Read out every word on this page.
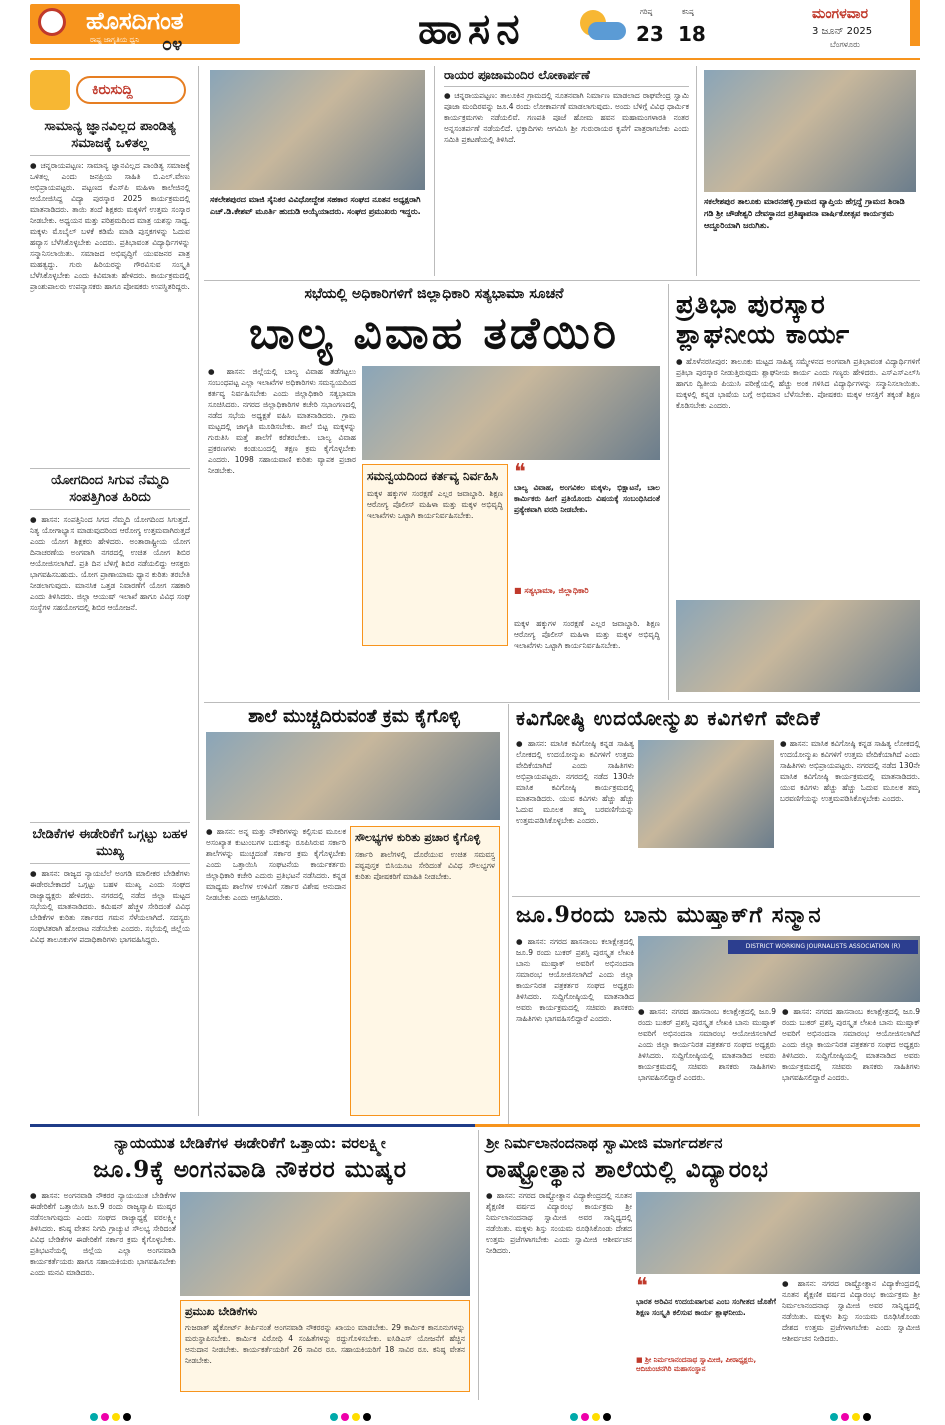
ಹೊಸದಿಗಂತ
ರಾಷ್ಟ್ರ ಜಾಗೃತಿಯ ಧ್ವನಿ ೦೪	ಹಾಸನ	ಗರಿಷ್ಠ
23
ಕನಿಷ್ಠ
18
ಮಂಗಳವಾರ
3 ಜೂನ್ 2025
ಬೆಂಗಳೂರು
ಕಿರುಸುದ್ದಿ
ಸಾಮಾನ್ಯ ಜ್ಞಾನವಿಲ್ಲದ ಪಾಂಡಿತ್ಯ ಸಮಾಜಕ್ಕೆ ಒಳಿತಲ್ಲ
● ಚನ್ನರಾಯಪಟ್ಟಣ: ಸಾಮಾನ್ಯ ಜ್ಞಾನವಿಲ್ಲದ ಪಾಂಡಿತ್ಯ ಸಮಾಜಕ್ಕೆ ಒಳಿತಲ್ಲ ಎಂದು ಜನಪ್ರಿಯ ಸಾಹಿತಿ ಬಿ.ಎಲ್.ವೇಣು ಅಭಿಪ್ರಾಯಪಟ್ಟರು. ಪಟ್ಟಣದ ಕೆಎಸ್‌ಪಿ ಮಹಿಳಾ ಕಾಲೇಜಿನಲ್ಲಿ ಆಯೋಜಿಸಿದ್ದ ವಿದ್ಯಾ ಪುರಸ್ಕಾರ 2025 ಕಾರ್ಯಕ್ರಮದಲ್ಲಿ ಮಾತನಾಡಿದರು. ತಾಯಿ ತಂದೆ ಶಿಕ್ಷಕರು ಮಕ್ಕಳಿಗೆ ಉತ್ತಮ ಸಂಸ್ಕಾರ ನೀಡಬೇಕು. ಅಧ್ಯಯನ ಮತ್ತು ಪರಿಶ್ರಮದಿಂದ ಮಾತ್ರ ಯಶಸ್ಸು ಸಾಧ್ಯ. ಮಕ್ಕಳು ಮೊಬೈಲ್ ಬಳಕೆ ಕಡಿಮೆ ಮಾಡಿ ಪುಸ್ತಕಗಳನ್ನು ಓದುವ ಹವ್ಯಾಸ ಬೆಳೆಸಿಕೊಳ್ಳಬೇಕು ಎಂದರು. ಪ್ರತಿಭಾವಂತ ವಿದ್ಯಾರ್ಥಿಗಳನ್ನು ಸನ್ಮಾನಿಸಲಾಯಿತು. ಸಮಾಜದ ಅಭಿವೃದ್ಧಿಗೆ ಯುವಜನರ ಪಾತ್ರ ಮಹತ್ವದ್ದು. ಗುರು ಹಿರಿಯರನ್ನು ಗೌರವಿಸುವ ಸಂಸ್ಕೃತಿ ಬೆಳೆಸಿಕೊಳ್ಳಬೇಕು ಎಂದು ಕಿವಿಮಾತು ಹೇಳಿದರು. ಕಾರ್ಯಕ್ರಮದಲ್ಲಿ ಪ್ರಾಂಶುಪಾಲರು ಉಪನ್ಯಾಸಕರು ಹಾಗೂ ಪೋಷಕರು ಉಪಸ್ಥಿತರಿದ್ದರು.
ಯೋಗದಿಂದ ಸಿಗುವ ನೆಮ್ಮದಿ ಸಂಪತ್ತಿಗಿಂತ ಹಿರಿದು
● ಹಾಸನ: ಸಂಪತ್ತಿನಿಂದ ಸಿಗದ ನೆಮ್ಮದಿ ಯೋಗದಿಂದ ಸಿಗುತ್ತದೆ. ನಿತ್ಯ ಯೋಗಾಭ್ಯಾಸ ಮಾಡುವುದರಿಂದ ಆರೋಗ್ಯ ಉತ್ತಮವಾಗಿರುತ್ತದೆ ಎಂದು ಯೋಗ ಶಿಕ್ಷಕರು ಹೇಳಿದರು. ಅಂತಾರಾಷ್ಟ್ರೀಯ ಯೋಗ ದಿನಾಚರಣೆಯ ಅಂಗವಾಗಿ ನಗರದಲ್ಲಿ ಉಚಿತ ಯೋಗ ಶಿಬಿರ ಆಯೋಜಿಸಲಾಗಿದೆ. ಪ್ರತಿ ದಿನ ಬೆಳಿಗ್ಗೆ ಶಿಬಿರ ನಡೆಯಲಿದ್ದು ಆಸಕ್ತರು ಭಾಗವಹಿಸಬಹುದು. ಯೋಗ ಪ್ರಾಣಾಯಾಮ ಧ್ಯಾನ ಕುರಿತು ತರಬೇತಿ ನೀಡಲಾಗುವುದು. ಮಾನಸಿಕ ಒತ್ತಡ ನಿವಾರಣೆಗೆ ಯೋಗ ಸಹಕಾರಿ ಎಂದು ತಿಳಿಸಿದರು. ಜಿಲ್ಲಾ ಆಯುಷ್ ಇಲಾಖೆ ಹಾಗೂ ವಿವಿಧ ಸಂಘ ಸಂಸ್ಥೆಗಳ ಸಹಯೋಗದಲ್ಲಿ ಶಿಬಿರ ಆಯೋಜನೆ.
ಬೇಡಿಕೆಗಳ ಈಡೇರಿಕೆಗೆ ಒಗ್ಗಟ್ಟು ಬಹಳ ಮುಖ್ಯ
● ಹಾಸನ: ರಾಜ್ಯದ ನ್ಯಾಯಬೆಲೆ ಅಂಗಡಿ ಮಾಲೀಕರ ಬೇಡಿಕೆಗಳು ಈಡೇರಬೇಕಾದರೆ ಒಗ್ಗಟ್ಟು ಬಹಳ ಮುಖ್ಯ ಎಂದು ಸಂಘದ ರಾಜ್ಯಾಧ್ಯಕ್ಷರು ಹೇಳಿದರು. ನಗರದಲ್ಲಿ ನಡೆದ ಜಿಲ್ಲಾ ಮಟ್ಟದ ಸಭೆಯಲ್ಲಿ ಮಾತನಾಡಿದರು. ಕಮಿಷನ್ ಹೆಚ್ಚಳ ಸೇರಿದಂತೆ ವಿವಿಧ ಬೇಡಿಕೆಗಳ ಕುರಿತು ಸರ್ಕಾರದ ಗಮನ ಸೆಳೆಯಲಾಗಿದೆ. ಸದಸ್ಯರು ಸಂಘಟಿತರಾಗಿ ಹೋರಾಟ ನಡೆಸಬೇಕು ಎಂದರು. ಸಭೆಯಲ್ಲಿ ಜಿಲ್ಲೆಯ ವಿವಿಧ ತಾಲೂಕುಗಳ ಪದಾಧಿಕಾರಿಗಳು ಭಾಗವಹಿಸಿದ್ದರು.
ಸಕಲೇಶಪುರದ ಮಾಜಿ ಸೈನಿಕರ ವಿವಿಧೋದ್ದೇಶ ಸಹಕಾರ ಸಂಘದ ನೂತನ ಅಧ್ಯಕ್ಷರಾಗಿ ಎಚ್.ಡಿ.ಕೇಶವ್ ಮೂರ್ತಿ ಹುದುಡಿ ಆಯ್ಕೆಯಾದರು. ಸಂಘದ ಪ್ರಮುಖರು ಇದ್ದರು.
ರಾಯರ ಪೂಜಾಮಂದಿರ ಲೋಕಾರ್ಪಣೆ
● ಚನ್ನರಾಯಪಟ್ಟಣ: ತಾಲೂಕಿನ ಗ್ರಾಮದಲ್ಲಿ ನೂತನವಾಗಿ ನಿರ್ಮಾಣ ಮಾಡಲಾದ ರಾಘವೇಂದ್ರ ಸ್ವಾಮಿ ಪೂಜಾ ಮಂದಿರವನ್ನು ಜೂ.4 ರಂದು ಲೋಕಾರ್ಪಣೆ ಮಾಡಲಾಗುವುದು. ಅಂದು ಬೆಳಿಗ್ಗೆ ವಿವಿಧ ಧಾರ್ಮಿಕ ಕಾರ್ಯಕ್ರಮಗಳು ನಡೆಯಲಿವೆ. ಗಣಪತಿ ಪೂಜೆ ಹೋಮ ಹವನ ಮಹಾಮಂಗಳಾರತಿ ನಂತರ ಅನ್ನಸಂತರ್ಪಣೆ ನಡೆಯಲಿದೆ. ಭಕ್ತಾದಿಗಳು ಆಗಮಿಸಿ ಶ್ರೀ ಗುರುರಾಯರ ಕೃಪೆಗೆ ಪಾತ್ರರಾಗಬೇಕು ಎಂದು ಸಮಿತಿ ಪ್ರಕಟಣೆಯಲ್ಲಿ ತಿಳಿಸಿದೆ.
ಸಕಲೇಶಪುರ ತಾಲೂಕು ಮಾರನಹಳ್ಳಿ ಗ್ರಾಮದ ವ್ಯಾಪ್ತಿಯ ಹೆಗ್ಗದ್ದೆ ಗ್ರಾಮದ ಶಿರಾಡಿ ಗಡಿ ಶ್ರೀ ಚೌಡೇಶ್ವರಿ ದೇವಸ್ಥಾನದ ಪ್ರತಿಷ್ಠಾಪನಾ ವಾರ್ಷಿಕೋತ್ಸವ ಕಾರ್ಯಕ್ರಮ ಆದ್ದೂರಿಯಾಗಿ ಜರುಗಿತು.
ಸಭೆಯಲ್ಲಿ ಅಧಿಕಾರಿಗಳಿಗೆ ಜಿಲ್ಲಾಧಿಕಾರಿ ಸತ್ಯಭಾಮಾ ಸೂಚನೆ
ಬಾಲ್ಯ ವಿವಾಹ ತಡೆಯಿರಿ
● ಹಾಸನ: ಜಿಲ್ಲೆಯಲ್ಲಿ ಬಾಲ್ಯ ವಿವಾಹ ತಡೆಗಟ್ಟಲು ಸಂಬಂಧಪಟ್ಟ ಎಲ್ಲಾ ಇಲಾಖೆಗಳ ಅಧಿಕಾರಿಗಳು ಸಮನ್ವಯದಿಂದ ಕರ್ತವ್ಯ ನಿರ್ವಹಿಸಬೇಕು ಎಂದು ಜಿಲ್ಲಾಧಿಕಾರಿ ಸತ್ಯಭಾಮಾ ಸೂಚಿಸಿದರು. ನಗರದ ಜಿಲ್ಲಾಧಿಕಾರಿಗಳ ಕಚೇರಿ ಸಭಾಂಗಣದಲ್ಲಿ ನಡೆದ ಸಭೆಯ ಅಧ್ಯಕ್ಷತೆ ವಹಿಸಿ ಮಾತನಾಡಿದರು. ಗ್ರಾಮ ಮಟ್ಟದಲ್ಲಿ ಜಾಗೃತಿ ಮೂಡಿಸಬೇಕು. ಶಾಲೆ ಬಿಟ್ಟ ಮಕ್ಕಳನ್ನು ಗುರುತಿಸಿ ಮತ್ತೆ ಶಾಲೆಗೆ ಕರೆತರಬೇಕು. ಬಾಲ್ಯ ವಿವಾಹ ಪ್ರಕರಣಗಳು ಕಂಡುಬಂದಲ್ಲಿ ತಕ್ಷಣ ಕ್ರಮ ಕೈಗೊಳ್ಳಬೇಕು ಎಂದರು. 1098 ಸಹಾಯವಾಣಿ ಕುರಿತು ವ್ಯಾಪಕ ಪ್ರಚಾರ ನೀಡಬೇಕು.	ಸಮನ್ವಯದಿಂದ ಕರ್ತವ್ಯ ನಿರ್ವಹಿಸಿ
ಮಕ್ಕಳ ಹಕ್ಕುಗಳ ಸಂರಕ್ಷಣೆ ಎಲ್ಲರ ಜವಾಬ್ದಾರಿ. ಶಿಕ್ಷಣ ಆರೋಗ್ಯ ಪೊಲೀಸ್ ಮಹಿಳಾ ಮತ್ತು ಮಕ್ಕಳ ಅಭಿವೃದ್ಧಿ ಇಲಾಖೆಗಳು ಒಟ್ಟಾಗಿ ಕಾರ್ಯನಿರ್ವಹಿಸಬೇಕು.
❝
ಬಾಲ್ಯ ವಿವಾಹ, ಅಂಗವಿಕಲ ಮಕ್ಕಳು, ಭಿಕ್ಷಾಟನೆ, ಬಾಲ ಕಾರ್ಮಿಕರು ಹೀಗೆ ಪ್ರತಿಯೊಂದು ವಿಷಯಕ್ಕೆ ಸಂಬಂಧಿಸಿದಂತೆ ಪ್ರತ್ಯೇಕವಾಗಿ ವರದಿ ನೀಡಬೇಕು.
■ ಸತ್ಯಭಾಮಾ, ಜಿಲ್ಲಾಧಿಕಾರಿ
ಮಕ್ಕಳ ಹಕ್ಕುಗಳ ಸಂರಕ್ಷಣೆ ಎಲ್ಲರ ಜವಾಬ್ದಾರಿ. ಶಿಕ್ಷಣ ಆರೋಗ್ಯ ಪೊಲೀಸ್ ಮಹಿಳಾ ಮತ್ತು ಮಕ್ಕಳ ಅಭಿವೃದ್ಧಿ ಇಲಾಖೆಗಳು ಒಟ್ಟಾಗಿ ಕಾರ್ಯನಿರ್ವಹಿಸಬೇಕು.
ಪ್ರತಿಭಾ ಪುರಸ್ಕಾರ ಶ್ಲಾಘನೀಯ ಕಾರ್ಯ
● ಹೊಳೆನರಸೀಪುರ: ತಾಲೂಕು ಮಟ್ಟದ ಸಾಹಿತ್ಯ ಸಮ್ಮೇಳನದ ಅಂಗವಾಗಿ ಪ್ರತಿಭಾವಂತ ವಿದ್ಯಾರ್ಥಿಗಳಿಗೆ ಪ್ರತಿಭಾ ಪುರಸ್ಕಾರ ನೀಡುತ್ತಿರುವುದು ಶ್ಲಾಘನೀಯ ಕಾರ್ಯ ಎಂದು ಗಣ್ಯರು ಹೇಳಿದರು. ಎಸ್‌ಎಸ್‌ಎಲ್‌ಸಿ ಹಾಗೂ ದ್ವಿತೀಯ ಪಿಯುಸಿ ಪರೀಕ್ಷೆಯಲ್ಲಿ ಹೆಚ್ಚು ಅಂಕ ಗಳಿಸಿದ ವಿದ್ಯಾರ್ಥಿಗಳನ್ನು ಸನ್ಮಾನಿಸಲಾಯಿತು. ಮಕ್ಕಳಲ್ಲಿ ಕನ್ನಡ ಭಾಷೆಯ ಬಗ್ಗೆ ಅಭಿಮಾನ ಬೆಳೆಸಬೇಕು. ಪೋಷಕರು ಮಕ್ಕಳ ಆಸಕ್ತಿಗೆ ತಕ್ಕಂತೆ ಶಿಕ್ಷಣ ಕೊಡಿಸಬೇಕು ಎಂದರು.
ಶಾಲೆ ಮುಚ್ಚದಿರುವಂತೆ ಕ್ರಮ ಕೈಗೊಳ್ಳಿ
● ಹಾಸನ: ಅನ್ನ ಮತ್ತು ನೌಕರಿಗಳನ್ನು ಕಲ್ಪಿಸುವ ಮೂಲಕ ಅಸಂಖ್ಯಾತ ಕುಟುಂಬಗಳ ಬದುಕನ್ನು ರೂಪಿಸಿರುವ ಸರ್ಕಾರಿ ಶಾಲೆಗಳನ್ನು ಮುಚ್ಚದಂತೆ ಸರ್ಕಾರ ಕ್ರಮ ಕೈಗೊಳ್ಳಬೇಕು ಎಂದು ಒತ್ತಾಯಿಸಿ ಸಂಘಟನೆಯ ಕಾರ್ಯಕರ್ತರು ಜಿಲ್ಲಾಧಿಕಾರಿ ಕಚೇರಿ ಎದುರು ಪ್ರತಿಭಟನೆ ನಡೆಸಿದರು. ಕನ್ನಡ ಮಾಧ್ಯಮ ಶಾಲೆಗಳ ಉಳಿವಿಗೆ ಸರ್ಕಾರ ವಿಶೇಷ ಅನುದಾನ ನೀಡಬೇಕು ಎಂದು ಆಗ್ರಹಿಸಿದರು.
ಸೌಲಭ್ಯಗಳ ಕುರಿತು ಪ್ರಚಾರ ಕೈಗೊಳ್ಳಿ
ಸರ್ಕಾರಿ ಶಾಲೆಗಳಲ್ಲಿ ದೊರೆಯುವ ಉಚಿತ ಸಮವಸ್ತ್ರ ಪಠ್ಯಪುಸ್ತಕ ಬಿಸಿಯೂಟ ಸೇರಿದಂತೆ ವಿವಿಧ ಸೌಲಭ್ಯಗಳ ಕುರಿತು ಪೋಷಕರಿಗೆ ಮಾಹಿತಿ ನೀಡಬೇಕು.
ಕವಿಗೋಷ್ಠಿ ಉದಯೋನ್ಮುಖ ಕವಿಗಳಿಗೆ ವೇದಿಕೆ
● ಹಾಸನ: ಮಾಸಿಕ ಕವಿಗೋಷ್ಠಿ ಕನ್ನಡ ಸಾಹಿತ್ಯ ಲೋಕದಲ್ಲಿ ಉದಯೋನ್ಮುಖ ಕವಿಗಳಿಗೆ ಉತ್ತಮ ವೇದಿಕೆಯಾಗಿದೆ ಎಂದು ಸಾಹಿತಿಗಳು ಅಭಿಪ್ರಾಯಪಟ್ಟರು. ನಗರದಲ್ಲಿ ನಡೆದ 130ನೇ ಮಾಸಿಕ ಕವಿಗೋಷ್ಠಿ ಕಾರ್ಯಕ್ರಮದಲ್ಲಿ ಮಾತನಾಡಿದರು. ಯುವ ಕವಿಗಳು ಹೆಚ್ಚು ಹೆಚ್ಚು ಓದುವ ಮೂಲಕ ತಮ್ಮ ಬರವಣಿಗೆಯನ್ನು ಉತ್ತಮಪಡಿಸಿಕೊಳ್ಳಬೇಕು ಎಂದರು.
● ಹಾಸನ: ಮಾಸಿಕ ಕವಿಗೋಷ್ಠಿ ಕನ್ನಡ ಸಾಹಿತ್ಯ ಲೋಕದಲ್ಲಿ ಉದಯೋನ್ಮುಖ ಕವಿಗಳಿಗೆ ಉತ್ತಮ ವೇದಿಕೆಯಾಗಿದೆ ಎಂದು ಸಾಹಿತಿಗಳು ಅಭಿಪ್ರಾಯಪಟ್ಟರು. ನಗರದಲ್ಲಿ ನಡೆದ 130ನೇ ಮಾಸಿಕ ಕವಿಗೋಷ್ಠಿ ಕಾರ್ಯಕ್ರಮದಲ್ಲಿ ಮಾತನಾಡಿದರು. ಯುವ ಕವಿಗಳು ಹೆಚ್ಚು ಹೆಚ್ಚು ಓದುವ ಮೂಲಕ ತಮ್ಮ ಬರವಣಿಗೆಯನ್ನು ಉತ್ತಮಪಡಿಸಿಕೊಳ್ಳಬೇಕು ಎಂದರು.
ಜೂ.9ರಂದು ಬಾನು ಮುಷ್ತಾಕ್‌ಗೆ ಸನ್ಮಾನ
● ಹಾಸನ: ನಗರದ ಹಾಸನಾಂಬ ಕಲಾಕ್ಷೇತ್ರದಲ್ಲಿ ಜೂ.9 ರಂದು ಬುಕರ್ ಪ್ರಶಸ್ತಿ ಪುರಸ್ಕೃತ ಲೇಖಕಿ ಬಾನು ಮುಷ್ತಾಕ್ ಅವರಿಗೆ ಅಭಿನಂದನಾ ಸಮಾರಂಭ ಆಯೋಜಿಸಲಾಗಿದೆ ಎಂದು ಜಿಲ್ಲಾ ಕಾರ್ಯನಿರತ ಪತ್ರಕರ್ತರ ಸಂಘದ ಅಧ್ಯಕ್ಷರು ತಿಳಿಸಿದರು. ಸುದ್ದಿಗೋಷ್ಠಿಯಲ್ಲಿ ಮಾತನಾಡಿದ ಅವರು ಕಾರ್ಯಕ್ರಮದಲ್ಲಿ ಸಚಿವರು ಶಾಸಕರು ಸಾಹಿತಿಗಳು ಭಾಗವಹಿಸಲಿದ್ದಾರೆ ಎಂದರು.
DISTRICT WORKING JOURNALISTS ASSOCIATION (R)
● ಹಾಸನ: ನಗರದ ಹಾಸನಾಂಬ ಕಲಾಕ್ಷೇತ್ರದಲ್ಲಿ ಜೂ.9 ರಂದು ಬುಕರ್ ಪ್ರಶಸ್ತಿ ಪುರಸ್ಕೃತ ಲೇಖಕಿ ಬಾನು ಮುಷ್ತಾಕ್ ಅವರಿಗೆ ಅಭಿನಂದನಾ ಸಮಾರಂಭ ಆಯೋಜಿಸಲಾಗಿದೆ ಎಂದು ಜಿಲ್ಲಾ ಕಾರ್ಯನಿರತ ಪತ್ರಕರ್ತರ ಸಂಘದ ಅಧ್ಯಕ್ಷರು ತಿಳಿಸಿದರು. ಸುದ್ದಿಗೋಷ್ಠಿಯಲ್ಲಿ ಮಾತನಾಡಿದ ಅವರು ಕಾರ್ಯಕ್ರಮದಲ್ಲಿ ಸಚಿವರು ಶಾಸಕರು ಸಾಹಿತಿಗಳು ಭಾಗವಹಿಸಲಿದ್ದಾರೆ ಎಂದರು.
● ಹಾಸನ: ನಗರದ ಹಾಸನಾಂಬ ಕಲಾಕ್ಷೇತ್ರದಲ್ಲಿ ಜೂ.9 ರಂದು ಬುಕರ್ ಪ್ರಶಸ್ತಿ ಪುರಸ್ಕೃತ ಲೇಖಕಿ ಬಾನು ಮುಷ್ತಾಕ್ ಅವರಿಗೆ ಅಭಿನಂದನಾ ಸಮಾರಂಭ ಆಯೋಜಿಸಲಾಗಿದೆ ಎಂದು ಜಿಲ್ಲಾ ಕಾರ್ಯನಿರತ ಪತ್ರಕರ್ತರ ಸಂಘದ ಅಧ್ಯಕ್ಷರು ತಿಳಿಸಿದರು. ಸುದ್ದಿಗೋಷ್ಠಿಯಲ್ಲಿ ಮಾತನಾಡಿದ ಅವರು ಕಾರ್ಯಕ್ರಮದಲ್ಲಿ ಸಚಿವರು ಶಾಸಕರು ಸಾಹಿತಿಗಳು ಭಾಗವಹಿಸಲಿದ್ದಾರೆ ಎಂದರು.
ನ್ಯಾಯಯುತ ಬೇಡಿಕೆಗಳ ಈಡೇರಿಕೆಗೆ ಒತ್ತಾಯ: ವರಲಕ್ಷ್ಮೀ
ಜೂ.9ಕ್ಕೆ ಅಂಗನವಾಡಿ ನೌಕರರ ಮುಷ್ಕರ
● ಹಾಸನ: ಅಂಗನವಾಡಿ ನೌಕರರ ನ್ಯಾಯಯುತ ಬೇಡಿಕೆಗಳ ಈಡೇರಿಕೆಗೆ ಒತ್ತಾಯಿಸಿ ಜೂ.9 ರಂದು ರಾಜ್ಯವ್ಯಾಪಿ ಮುಷ್ಕರ ನಡೆಸಲಾಗುವುದು ಎಂದು ಸಂಘದ ರಾಜ್ಯಾಧ್ಯಕ್ಷೆ ವರಲಕ್ಷ್ಮೀ ತಿಳಿಸಿದರು. ಕನಿಷ್ಠ ವೇತನ ನಿಗದಿ ಗ್ರಾಚ್ಯುಟಿ ಸೌಲಭ್ಯ ಸೇರಿದಂತೆ ವಿವಿಧ ಬೇಡಿಕೆಗಳ ಈಡೇರಿಕೆಗೆ ಸರ್ಕಾರ ಕ್ರಮ ಕೈಗೊಳ್ಳಬೇಕು. ಪ್ರತಿಭಟನೆಯಲ್ಲಿ ಜಿಲ್ಲೆಯ ಎಲ್ಲಾ ಅಂಗನವಾಡಿ ಕಾರ್ಯಕರ್ತೆಯರು ಹಾಗೂ ಸಹಾಯಕಿಯರು ಭಾಗವಹಿಸಬೇಕು ಎಂದು ಮನವಿ ಮಾಡಿದರು.
ಪ್ರಮುಖ ಬೇಡಿಕೆಗಳು
ಗುಜರಾತ್ ಹೈಕೋರ್ಟ್ ತೀರ್ಪಿನಂತೆ ಅಂಗನವಾಡಿ ನೌಕರರನ್ನು ಖಾಯಂ ಮಾಡಬೇಕು. 29 ಕಾರ್ಮಿಕ ಕಾನೂನುಗಳನ್ನು ಮರುಸ್ಥಾಪಿಸಬೇಕು. ಕಾರ್ಮಿಕ ವಿರೋಧಿ 4 ಸಂಹಿತೆಗಳನ್ನು ರದ್ದುಗೊಳಿಸಬೇಕು. ಐಸಿಡಿಎಸ್ ಯೋಜನೆಗೆ ಹೆಚ್ಚಿನ ಅನುದಾನ ನೀಡಬೇಕು. ಕಾರ್ಯಕರ್ತೆಯರಿಗೆ 26 ಸಾವಿರ ರೂ. ಸಹಾಯಕಿಯರಿಗೆ 18 ಸಾವಿರ ರೂ. ಕನಿಷ್ಠ ವೇತನ ನೀಡಬೇಕು.
ಶ್ರೀ ನಿರ್ಮಲಾನಂದನಾಥ ಸ್ವಾಮೀಜಿ ಮಾರ್ಗದರ್ಶನ
ರಾಷ್ಟ್ರೋತ್ಥಾನ ಶಾಲೆಯಲ್ಲಿ ವಿದ್ಯಾರಂಭ
● ಹಾಸನ: ನಗರದ ರಾಷ್ಟ್ರೋತ್ಥಾನ ವಿದ್ಯಾಕೇಂದ್ರದಲ್ಲಿ ನೂತನ ಶೈಕ್ಷಣಿಕ ವರ್ಷದ ವಿದ್ಯಾರಂಭ ಕಾರ್ಯಕ್ರಮ ಶ್ರೀ ನಿರ್ಮಲಾನಂದನಾಥ ಸ್ವಾಮೀಜಿ ಅವರ ಸಾನ್ನಿಧ್ಯದಲ್ಲಿ ನಡೆಯಿತು. ಮಕ್ಕಳು ಶಿಸ್ತು ಸಂಯಮ ರೂಢಿಸಿಕೊಂಡು ದೇಶದ ಉತ್ತಮ ಪ್ರಜೆಗಳಾಗಬೇಕು ಎಂದು ಸ್ವಾಮೀಜಿ ಆಶೀರ್ವಚನ ನೀಡಿದರು.
❝
ಭಾರತ ಅರಿವಿನ ಉದಯವಾಗುವ ಎಂಬ ಸಂಗೀತದ ಜೊತೆಗೆ ಶಿಕ್ಷಣ ಸಂಸ್ಕೃತಿ ಕಲಿಸುವ ಕಾರ್ಯ ಶ್ಲಾಘನೀಯ.
■ ಶ್ರೀ ನಿರ್ಮಲಾನಂದನಾಥ ಸ್ವಾಮೀಜಿ, ಪೀಠಾಧ್ಯಕ್ಷರು, ಆದಿಚುಂಚನಗಿರಿ ಮಹಾಸಂಸ್ಥಾನ
● ಹಾಸನ: ನಗರದ ರಾಷ್ಟ್ರೋತ್ಥಾನ ವಿದ್ಯಾಕೇಂದ್ರದಲ್ಲಿ ನೂತನ ಶೈಕ್ಷಣಿಕ ವರ್ಷದ ವಿದ್ಯಾರಂಭ ಕಾರ್ಯಕ್ರಮ ಶ್ರೀ ನಿರ್ಮಲಾನಂದನಾಥ ಸ್ವಾಮೀಜಿ ಅವರ ಸಾನ್ನಿಧ್ಯದಲ್ಲಿ ನಡೆಯಿತು. ಮಕ್ಕಳು ಶಿಸ್ತು ಸಂಯಮ ರೂಢಿಸಿಕೊಂಡು ದೇಶದ ಉತ್ತಮ ಪ್ರಜೆಗಳಾಗಬೇಕು ಎಂದು ಸ್ವಾಮೀಜಿ ಆಶೀರ್ವಚನ ನೀಡಿದರು.
